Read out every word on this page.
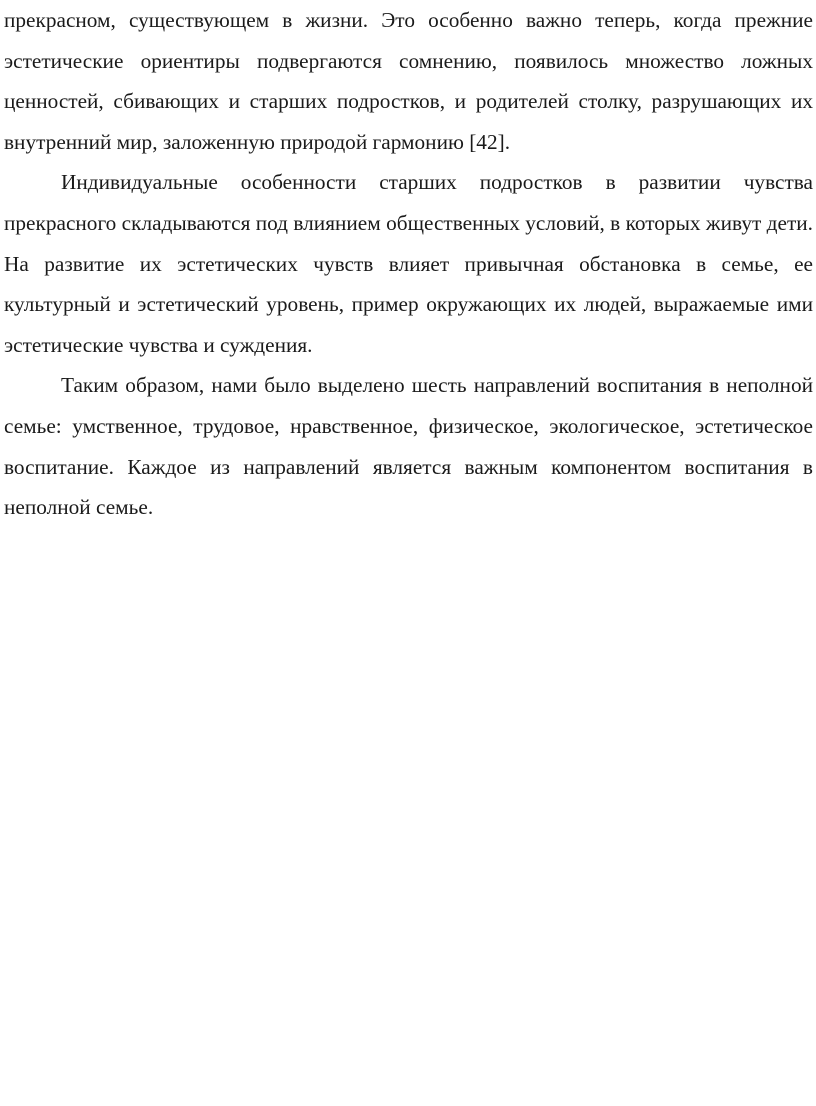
прекрасном, существующем в жизни. Это особенно важно теперь, когда прежние эстетические ориентиры подвергаются сомнению, появилось множество ложных ценностей, сбивающих и старших подростков, и родителей столку, разрушающих их внутренний мир, заложенную природой гармонию [42].

Индивидуальные особенности старших подростков в развитии чувства прекрасного складываются под влиянием общественных условий, в которых живут дети. На развитие их эстетических чувств влияет привычная обстановка в семье, ее культурный и эстетический уровень, пример окружающих их людей, выражаемые ими эстетические чувства и суждения.

Таким образом, нами было выделено шесть направлений воспитания в неполной семье: умственное, трудовое, нравственное, физическое, экологическое, эстетическое воспитание. Каждое из направлений является важным компонентом воспитания в неполной семье.
